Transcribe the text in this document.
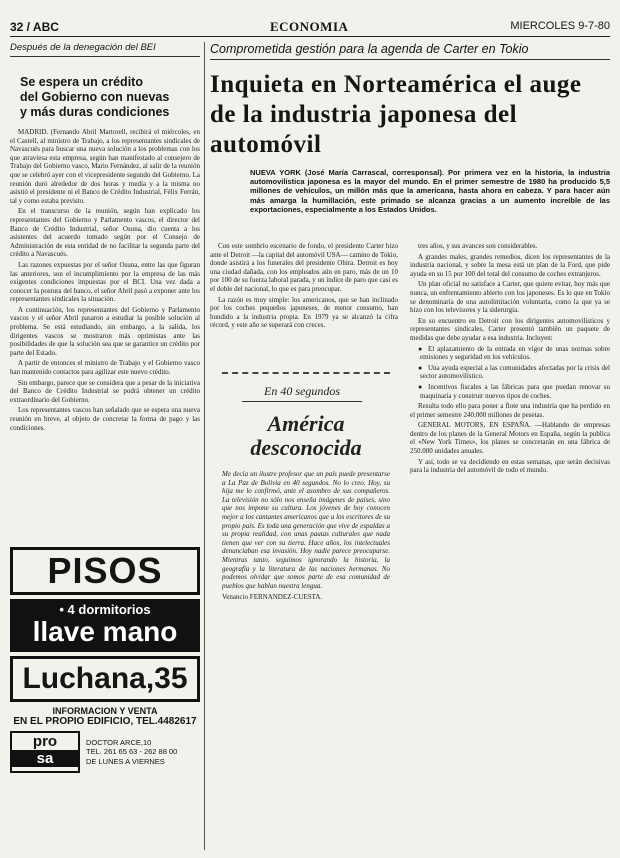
32 / ABC	ECONOMIA	MIERCOLES 9-7-80
Después de la denegación del BEI
Se espera un crédito
del Gobierno con nuevas
y más duras condiciones

MADRID. (Fernando Abril Martorell, recibirá el miércoles, en el Castell, al ministro de Trabajo, a los representantes sindicales de Navascués para buscar una nueva solución a los problemas con los que atraviesa esta empresa, según han manifestado al consejero de Trabajo del Gobierno vasco, Mario Fernández, al salir de la reunión que se celebró ayer con el vicepresidente segundo del Gobierno. La reunión duró alrededor de dos horas y media y a la misma no asistió el presidente ni el Banco de Crédito Industrial, Félix Ferrán, tal y como estaba previsto.

En el transcurso de la reunión, según han explicado los representantes del Gobierno y Parlamento vascos, el director del Banco de Crédito Industrial, señor Osuna, dio cuenta a los asistentes del acuerdo tomado según por el Consejo de Administración de esta entidad de no facilitar la segunda parte del crédito a Navascués.

Las razones expuestas por el señor Osuna, entre las que figuran las anteriores, son el incumplimiento por la empresa de las más exigentes condiciones impuestas por el BCI. Una vez dada a conocer la postura del banco, el señor Abril pasó a exponer ante los representantes sindicales la situación.

A continuación, los representantes del Gobierno y Parlamento vascos y el señor Abril pasaron a estudiar la posible solución al problema. Se está estudiando, sin embargo, a la salida, los dirigentes vascos se mostraron más optimistas ante las posibilidades de que la solución sea que se garantice un crédito por parte del Estado.

A partir de entonces el ministro de Trabajo y el Gobierno vasco han mantenido contactos para agilizar este nuevo crédito.

Sin embargo, parece que se considera que a pesar de la iniciativa del Banco de Crédito Industrial se podrá obtener un crédito extraordinario del Gobierno.

Los representantes vascos han señalado que se espera una nueva reunión en breve, al objeto de concretar la forma de pago y las condiciones.

PISOS
• 4 dormitorios
llave mano
Luchana,35
INFORMACION Y VENTA
EN EL PROPIO EDIFICIO, TEL.4482617
pro
sa
DOCTOR ARCE,10
TEL. 261 65 63 - 262 88 00
DE LUNES A VIERNES
Comprometida gestión para la agenda de Carter en Tokio
Inquieta en Norteamérica el auge
de la industria japonesa del automóvil
NUEVA YORK (José María Carrascal, corresponsal). Por primera vez en la historia, la industria automovilística japonesa es la mayor del mundo. En el primer semestre de 1980 ha producido 5,5 millones de vehículos, un millón más que la americana, hasta ahora en cabeza. Y para hacer aún más amarga la humillación, este primado se alcanza gracias a un aumento increíble de las exportaciones, especialmente a los Estados Unidos.

Con este sombrío escenario de fondo, el presidente Carter hizo ante el Detroit —la capital del automóvil USA— camino de Tokio, donde asistirá a los funerales del presidente Ohira. Detroit es hoy una ciudad dañada, con los empleados aún en paro, más de un 10 por 100 de su fuerza laboral parada, y un índice de paro que casi es el doble del nacional, lo que es para preocupar.

La razón es muy simple: los americanos, que se han inclinado por los coches pequeños japoneses, de menor consumo, han hundido a la industria propia. En 1979 ya se alcanzó la cifra récord, y este año se superará con creces.

En 40 segundos
América
desconocida
Me decía un ilustre profesor que un país puede presentarse a La Paz de Bolivia en 40 segundos. No lo creo. Hoy, su hija me lo confirmó, ante el asombro de sus compañeros. La televisión no sólo nos enseña imágenes de países, sino que nos impone su cultura. Los jóvenes de hoy conocen mejor a los cantantes americanos que a los escritores de su propio país. Es toda una generación que vive de espaldas a su propia realidad, con unas pautas culturales que nada tienen que ver con su tierra. Hace años, los intelectuales denunciaban esa invasión. Hoy nadie parece preocuparse. Mientras tanto, seguimos ignorando la historia, la geografía y la literatura de las naciones hermanas. No podemos olvidar que somos parte de esa comunidad de pueblos que hablan nuestra lengua.
Venancio FERNANDEZ-CUESTA.

tres años, y sus avances son considerables.

A grandes males, grandes remedios, dicen los representantes de la industria nacional, y sobre la mesa está un plan de la Ford, que pide ayuda en su 15 por 100 del total del consumo de coches extranjeros.

Un plan oficial no satisface a Carter, que quiere evitar, hoy más que nunca, un enfrentamiento abierto con los japoneses. Es lo que en Tokio se denominaría de una autolimitación voluntaria, como la que ya se hizo con los televisores y la siderurgia.

En su encuentro en Detroit con los dirigentes automovilísticos y representantes sindicales, Carter presentó también un paquete de medidas que debe ayudar a esa industria. Incluyen:

● El aplazamiento de la entrada en vigor de unas normas sobre emisiones y seguridad en los vehículos.

● Una ayuda especial a las comunidades afectadas por la crisis del sector automovilístico.

● Incentivos fiscales a las fábricas para que puedan renovar su maquinaria y construir nuevos tipos de coches.

Resulta todo ello para poner a flote una industria que ha perdido en el primer semestre 240.000 millones de pesetas.

GENERAL MOTORS, EN ESPAÑA. —Hablando de empresas dentro de los planes de la General Motors en España, según la publica el «New York Times», los planes se concretarán en una fábrica de 250.000 unidades anuales.

Y así, todo se va decidiendo en estas semanas, que serán decisivas para la industria del automóvil de todo el mundo.
